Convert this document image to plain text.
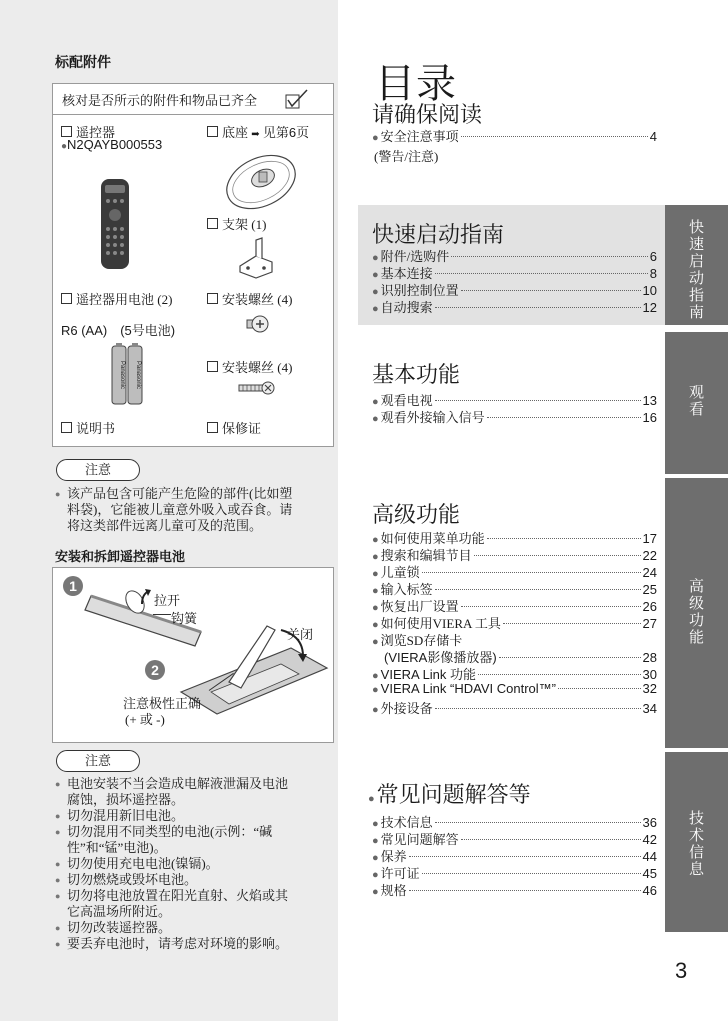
标配附件
核对是否所示的附件和物品已齐全
遥控器
●N2QAYB000553
底座 ➡ 见第6页
支架 (1)
遥控器用电池 (2)
R6 (AA)　(5号电池)
Panasonic Panasonic
安装螺丝 (4)
安装螺丝 (4)
说明书	保修证
注意
● 该产品包含可能产生危险的部件(比如塑
料袋)，它能被儿童意外吸入或吞食。请
将这类部件远离儿童可及的范围。
安装和拆卸遥控器电池
1
拉开
钩簧
关闭
2
注意极性正确
(+ 或 -)
注意
● 电池安装不当会造成电解液泄漏及电池
腐蚀，损坏遥控器。
● 切勿混用新旧电池。
● 切勿混用不同类型的电池(示例：“碱
性”和“锰”电池)。
● 切勿使用充电电池(镍镉)。
● 切勿燃烧或毁坏电池。
● 切勿将电池放置在阳光直射、火焰或其
它高温场所附近。
● 切勿改装遥控器。
● 要丢弃电池时，请考虑对环境的影响。
目录
请确保阅读
● 安全注意事项	4
(警告/注意)
快速启动指南
● 附件/选购件	6
● 基本连接	8
● 识别控制位置	10
● 自动搜索	12
基本功能
● 观看电视	13
● 观看外接输入信号	16
高级功能
● 如何使用菜单功能	17
● 搜索和编辑节目	22
● 儿童锁	24
● 输入标签	25
● 恢复出厂设置	26
● 如何使用VIERA 工具	27
● 浏览SD存储卡
(VIERA影像播放器)	28
● VIERA Link 功能	30
● VIERA Link “HDAVI Control™”	32
● 外接设备	34
●常见问题解答等
● 技术信息	36
● 常见问题解答	42
● 保养	44
● 许可证	45
● 规格	46
快
速
启
动
指
南
观
看
高
级
功
能
技
术
信
息
3
